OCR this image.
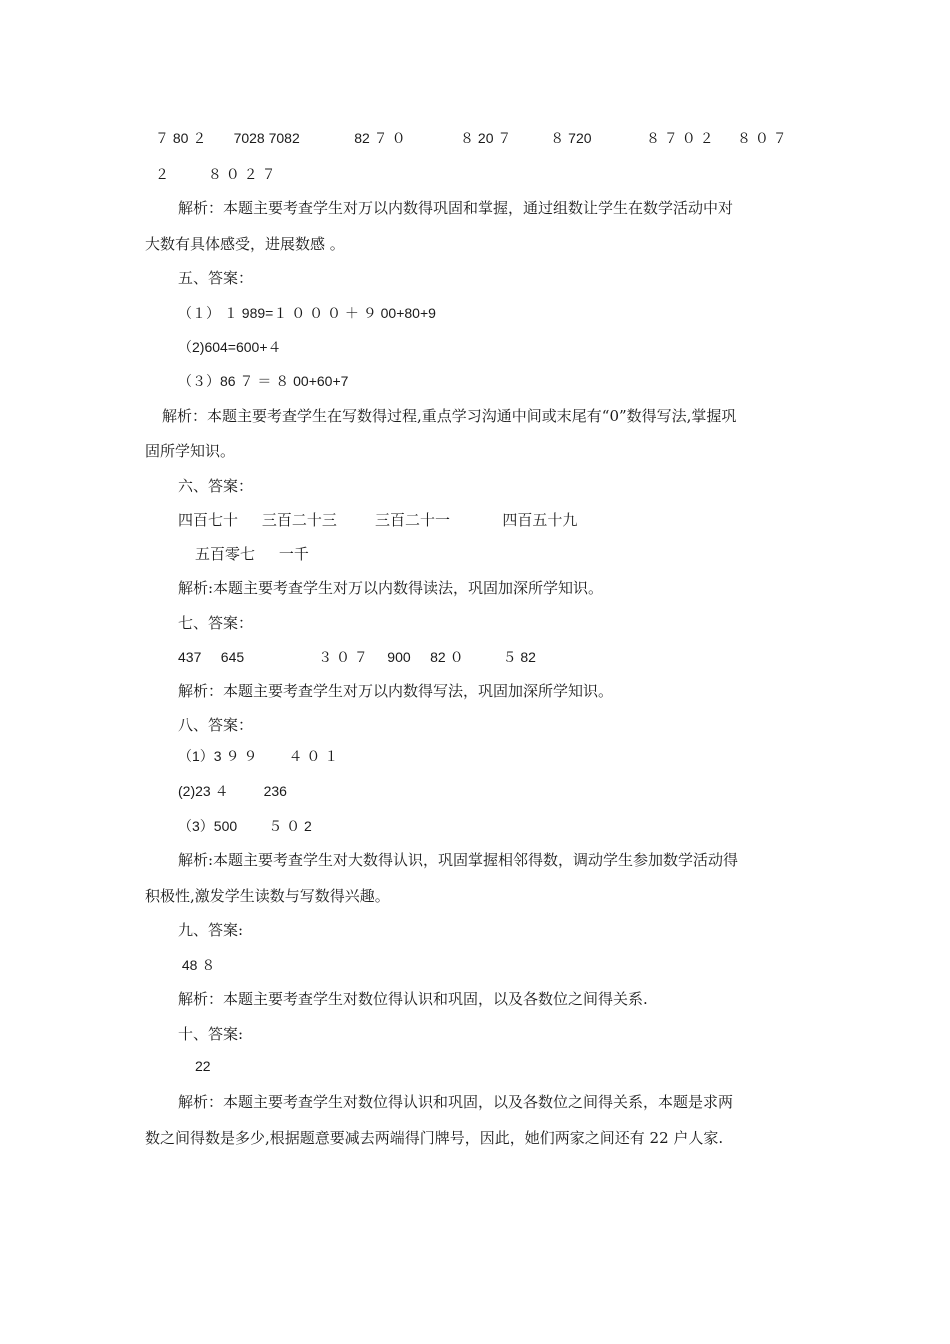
７ 80 ２       7028 7082              82 ７ ０              ８ 20 ７          ８ 720              ８ ７ ０ ２      ８ ０ ７
２          ８ ０ ２ ７
解析：本题主要考查学生对万以内数得巩固和掌握，通过组数让学生在数学活动中对
大数有具体感受，进展数感 。
五、答案：
（１） １ 989=１ ０ ０ ０ ＋ ９ 00+80+9
（2)604=600+４
（３）86 ７ ＝ ８ 00+60+7
解析：本题主要考查学生在写数得过程,重点学习沟通中间或末尾有“0”数得写法,掌握巩
固所学知识。
六、答案：
四百七十     三百二十三        三百二十一           四百五十九
五百零七     一千
解析:本题主要考查学生对万以内数得读法，巩固加深所学知识。
七、答案：
437     645                   ３ ０ ７     900     82 ０          ５ 82
解析：本题主要考查学生对万以内数得写法，巩固加深所学知识。
八、答案：
（1）3 ９ ９        ４ ０ １
(2)23 ４         236
（3）500        ５ ０ 2
解析:本题主要考查学生对大数得认识，巩固掌握相邻得数，调动学生参加数学活动得
积极性,激发学生读数与写数得兴趣。
九、答案:
48 ８
解析：本题主要考查学生对数位得认识和巩固，以及各数位之间得关系.
十、答案:
22
解析：本题主要考查学生对数位得认识和巩固，以及各数位之间得关系，本题是求两
数之间得数是多少,根据题意要减去两端得门牌号，因此，她们两家之间还有 22 户人家.
